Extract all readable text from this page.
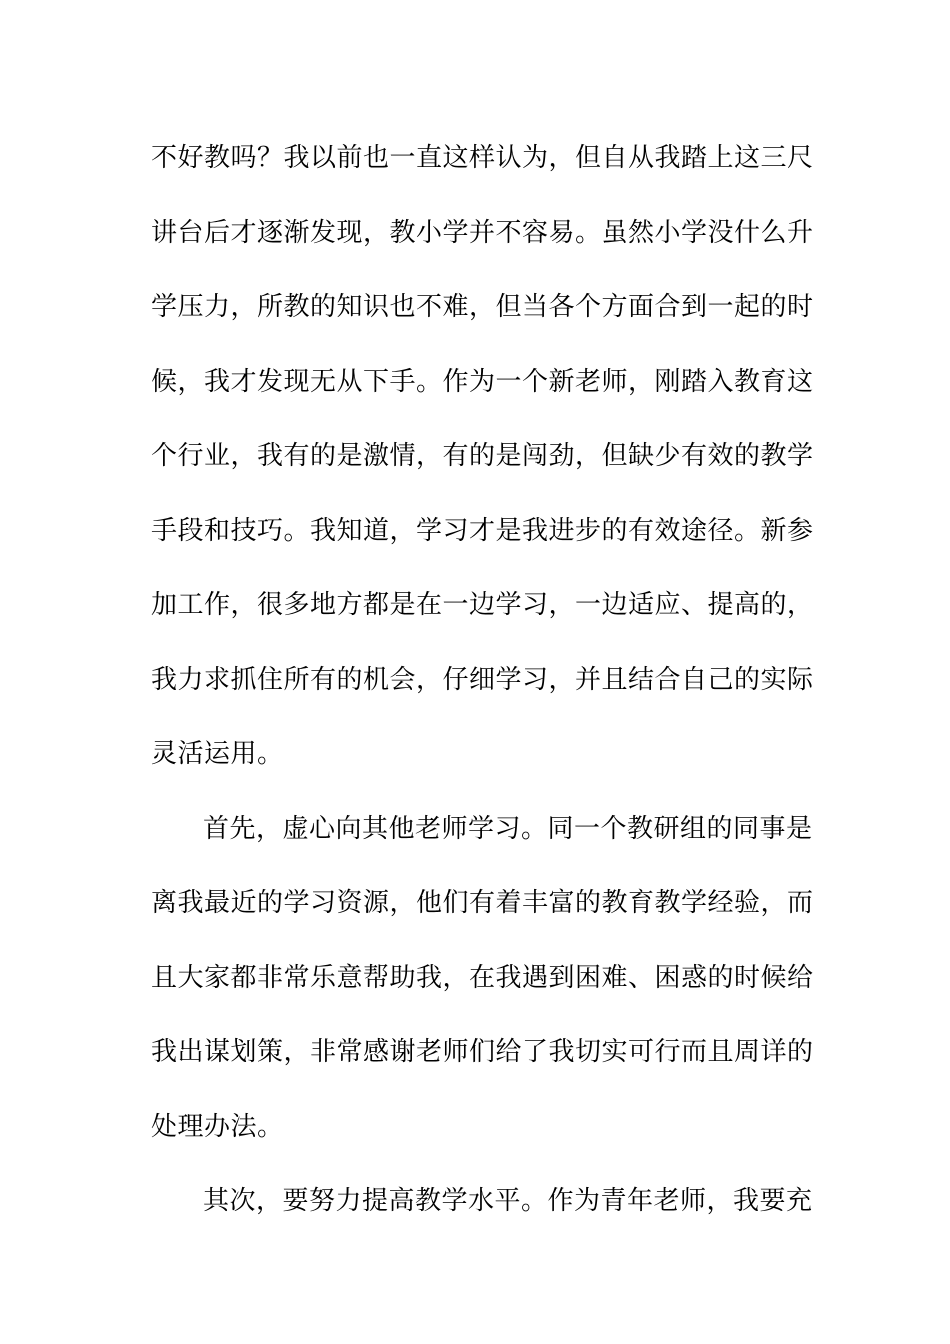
不好教吗？我以前也一直这样认为，但自从我踏上这三尺
讲台后才逐渐发现，教小学并不容易。虽然小学没什么升
学压力，所教的知识也不难，但当各个方面合到一起的时
候，我才发现无从下手。作为一个新老师，刚踏入教育这
个行业，我有的是激情，有的是闯劲，但缺少有效的教学
手段和技巧。我知道，学习才是我进步的有效途径。新参
加工作，很多地方都是在一边学习，一边适应、提高的，
我力求抓住所有的机会，仔细学习，并且结合自己的实际
灵活运用。
首先，虚心向其他老师学习。同一个教研组的同事是
离我最近的学习资源，他们有着丰富的教育教学经验，而
且大家都非常乐意帮助我，在我遇到困难、困惑的时候给
我出谋划策，非常感谢老师们给了我切实可行而且周详的
处理办法。
其次，要努力提高教学水平。作为青年老师，我要充
